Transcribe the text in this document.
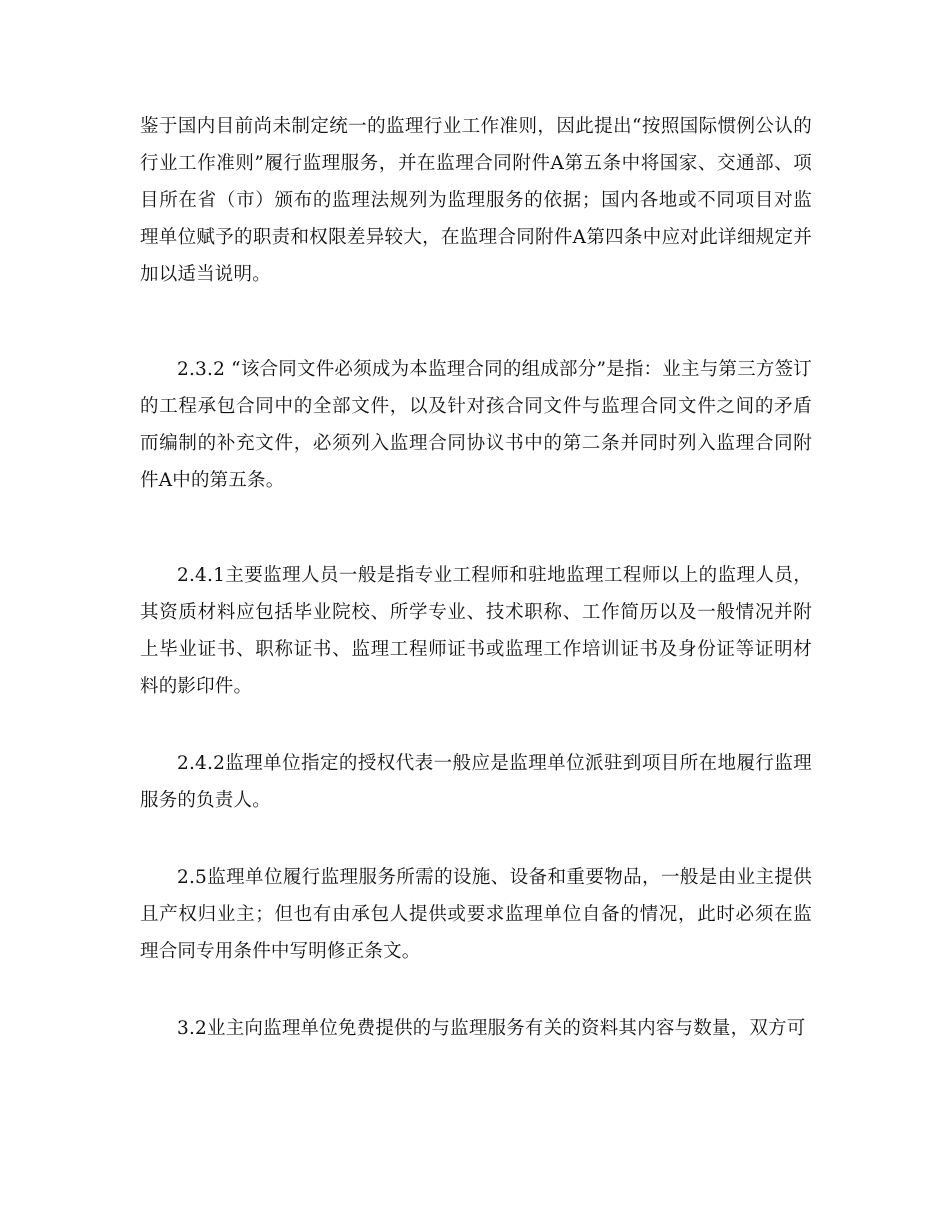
鉴于国内目前尚未制定统一的监理行业工作准则，因此提出“按照国际惯例公认的行业工作准则”履行监理服务，并在监理合同附件A第五条中将国家、交通部、项目所在省（市）颁布的监理法规列为监理服务的依据；国内各地或不同项目对监理单位赋予的职责和权限差异较大，在监理合同附件A第四条中应对此详细规定并加以适当说明。

2.3.2 “该合同文件必须成为本监理合同的组成部分”是指：业主与第三方签订的工程承包合同中的全部文件，以及针对孩合同文件与监理合同文件之间的矛盾而编制的补充文件，必须列入监理合同协议书中的第二条并同时列入监理合同附件A中的第五条。

2.4.1主要监理人员一般是指专业工程师和驻地监理工程师以上的监理人员，其资质材料应包括毕业院校、所学专业、技术职称、工作简历以及一般情况并附上毕业证书、职称证书、监理工程师证书或监理工作培训证书及身份证等证明材料的影印件。

2.4.2监理单位指定的授权代表一般应是监理单位派驻到项目所在地履行监理服务的负责人。

2.5监理单位履行监理服务所需的设施、设备和重要物品，一般是由业主提供且产权归业主；但也有由承包人提供或要求监理单位自备的情况，此时必须在监理合同专用条件中写明修正条文。

3.2业主向监理单位免费提供的与监理服务有关的资料其内容与数量，双方可
